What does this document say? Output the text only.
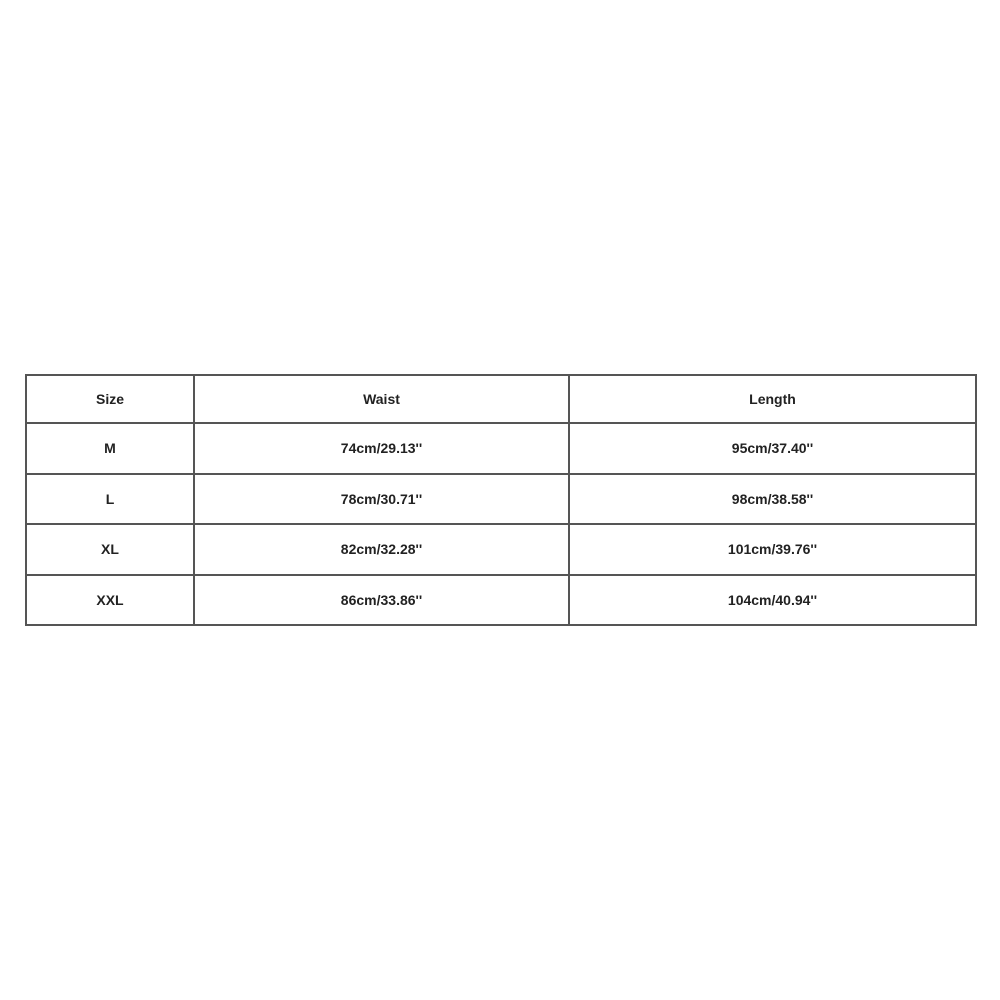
Size	Waist	Length
M	74cm/29.13''	95cm/37.40''
L	78cm/30.71''	98cm/38.58''
XL	82cm/32.28''	101cm/39.76''
XXL	86cm/33.86''	104cm/40.94''
